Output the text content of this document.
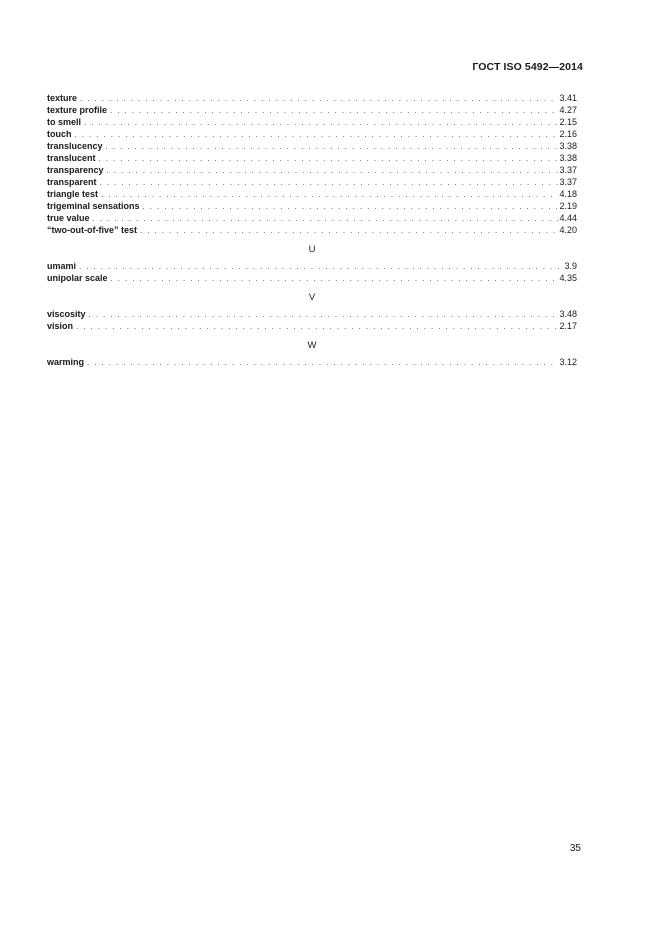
ГОСТ ISO 5492—2014
texture . . .	3.41
texture profile . . .	4.27
to smell . . .	2.15
touch . . .	2.16
translucency . . .	3.38
translucent . . .	3.38
transparency . . .	3.37
transparent . . .	3.37
triangle test . . .	4.18
trigeminal sensations . . .	2.19
true value . . .	4.44
“two-out-of-five” test . . .	4.20
U
umami . . .	3.9
unipolar scale . . .	4.35
V
viscosity . . .	3.48
vision . . .	2.17
W
warming . . .	3.12
35
